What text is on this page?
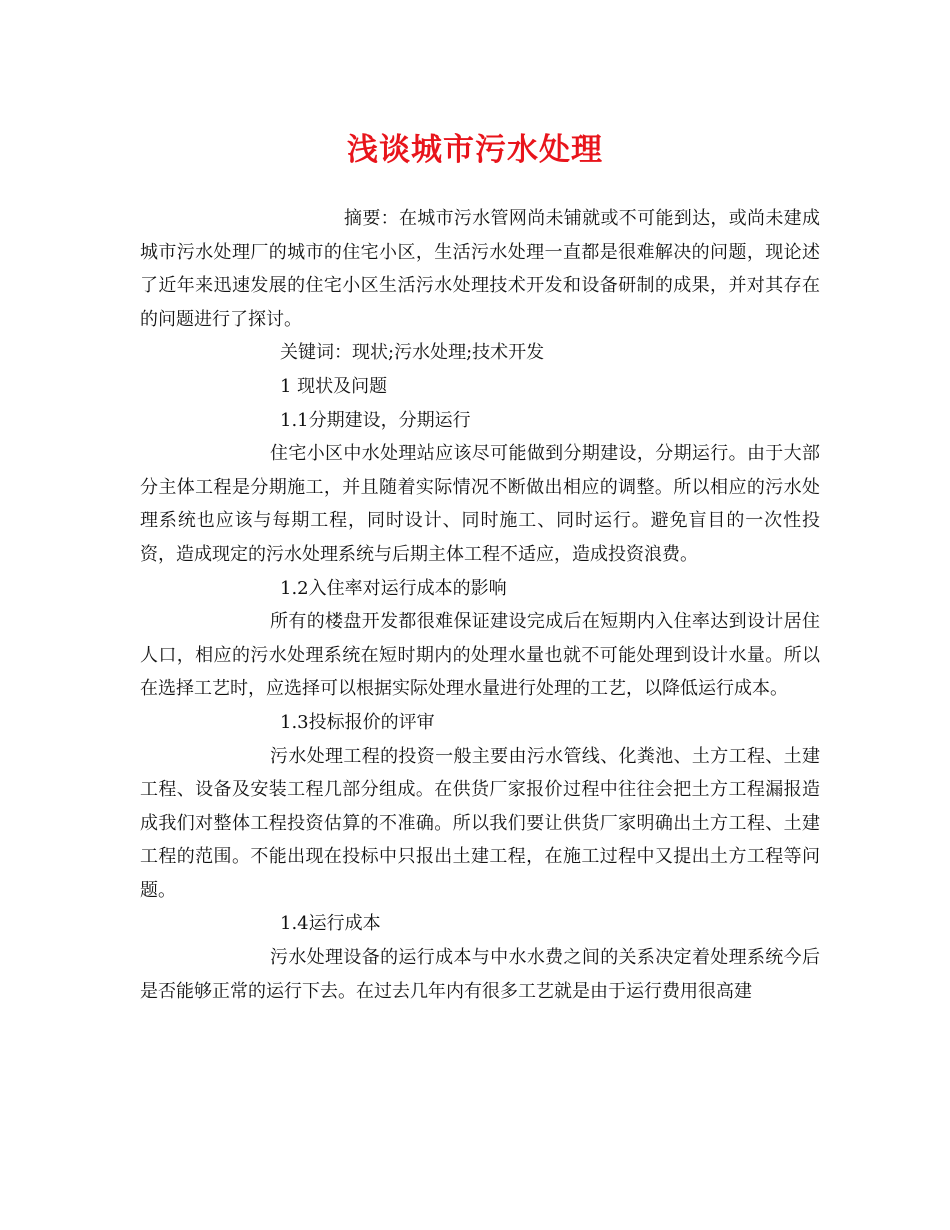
浅谈城市污水处理

摘要：在城市污水管网尚未铺就或不可能到达，或尚未建成城市污水处理厂的城市的住宅小区，生活污水处理一直都是很难解决的问题，现论述了近年来迅速发展的住宅小区生活污水处理技术开发和设备研制的成果，并对其存在的问题进行了探讨。

关键词：现状;污水处理;技术开发

1 现状及问题

1.1分期建设，分期运行

住宅小区中水处理站应该尽可能做到分期建设，分期运行。由于大部分主体工程是分期施工，并且随着实际情况不断做出相应的调整。所以相应的污水处理系统也应该与每期工程，同时设计、同时施工、同时运行。避免盲目的一次性投资，造成现定的污水处理系统与后期主体工程不适应，造成投资浪费。

1.2入住率对运行成本的影响

所有的楼盘开发都很难保证建设完成后在短期内入住率达到设计居住人口，相应的污水处理系统在短时期内的处理水量也就不可能处理到设计水量。所以在选择工艺时，应选择可以根据实际处理水量进行处理的工艺，以降低运行成本。

1.3投标报价的评审

污水处理工程的投资一般主要由污水管线、化粪池、土方工程、土建工程、设备及安装工程几部分组成。在供货厂家报价过程中往往会把土方工程漏报造成我们对整体工程投资估算的不准确。所以我们要让供货厂家明确出土方工程、土建工程的范围。不能出现在投标中只报出土建工程，在施工过程中又提出土方工程等问题。

1.4运行成本

污水处理设备的运行成本与中水水费之间的关系决定着处理系统今后是否能够正常的运行下去。在过去几年内有很多工艺就是由于运行费用很高建
